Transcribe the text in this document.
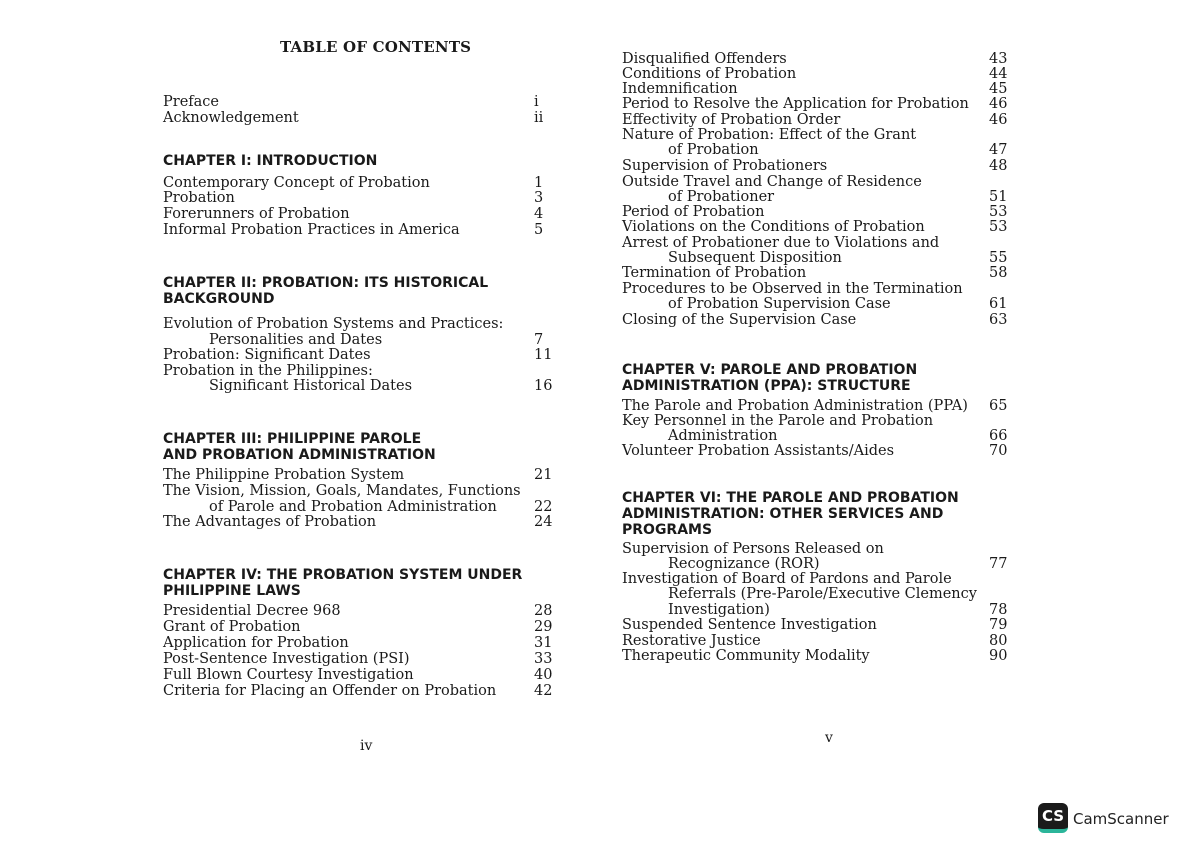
TABLE OF CONTENTS
Preface	i
Acknowledgement	ii
CHAPTER I: INTRODUCTION
Contemporary Concept of Probation	1
Probation	3
Forerunners of Probation	4
Informal Probation Practices in America	5
CHAPTER II: PROBATION: ITS HISTORICAL
BACKGROUND
Evolution of Probation Systems and Practices:
Personalities and Dates	7
Probation: Significant Dates	11
Probation in the Philippines:
Significant Historical Dates	16
CHAPTER III: PHILIPPINE PAROLE
AND PROBATION ADMINISTRATION
The Philippine Probation System	21
The Vision, Mission, Goals, Mandates, Functions
of Parole and Probation Administration	22
The Advantages of Probation	24
CHAPTER IV: THE PROBATION SYSTEM UNDER
PHILIPPINE LAWS
Presidential Decree 968	28
Grant of Probation	29
Application for Probation	31
Post-Sentence Investigation (PSI)	33
Full Blown Courtesy Investigation	40
Criteria for Placing an Offender on Probation	42
iv
Disqualified Offenders	43
Conditions of Probation	44
Indemnification	45
Period to Resolve the Application for Probation 46
Effectivity of Probation Order	46
Nature of Probation: Effect of the Grant
of Probation	47
Supervision of Probationers	48
Outside Travel and Change of Residence
of Probationer	51
Period of Probation	53
Violations on the Conditions of Probation	53
Arrest of Probationer due to Violations and
Subsequent Disposition	55
Termination of Probation	58
Procedures to be Observed in the Termination
of Probation Supervision Case	61
Closing of the Supervision Case	63
CHAPTER V: PAROLE AND PROBATION
ADMINISTRATION (PPA): STRUCTURE
The Parole and Probation Administration (PPA) 65
Key Personnel in the Parole and Probation
Administration	66
Volunteer Probation Assistants/Aides	70
CHAPTER VI: THE PAROLE AND PROBATION
ADMINISTRATION: OTHER SERVICES AND
PROGRAMS
Supervision of Persons Released on
Recognizance (ROR)	77
Investigation of Board of Pardons and Parole
Referrals (Pre-Parole/Executive Clemency
Investigation)	78
Suspended Sentence Investigation	79
Restorative Justice	80
Therapeutic Community Modality	90
v
CS CamScanner
